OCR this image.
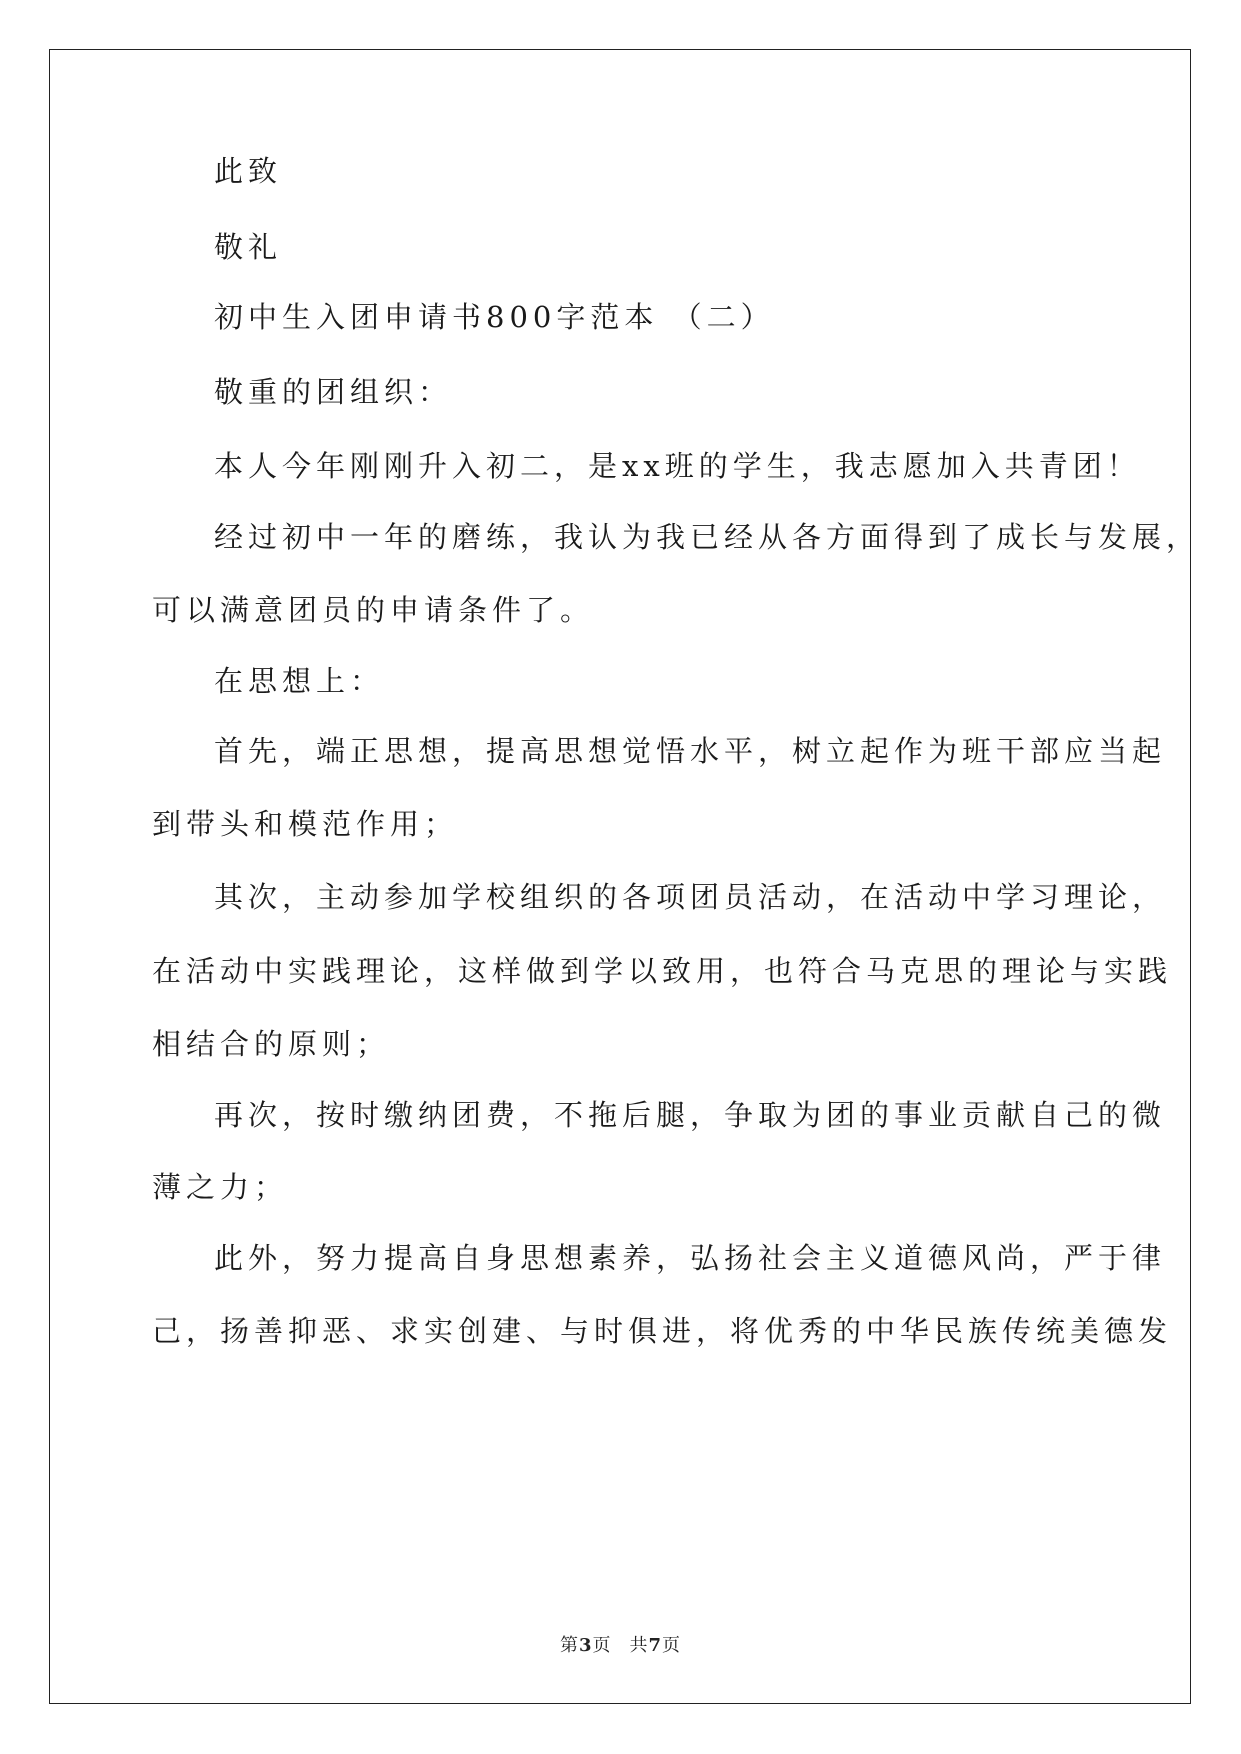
此致
敬礼
初中生入团申请书800字范本 （二）
敬重的团组织：
本人今年刚刚升入初二，是xx班的学生，我志愿加入共青团！
经过初中一年的磨练，我认为我已经从各方面得到了成长与发展，
可以满意团员的申请条件了。
在思想上：
首先，端正思想，提高思想觉悟水平，树立起作为班干部应当起
到带头和模范作用；
其次，主动参加学校组织的各项团员活动，在活动中学习理论，
在活动中实践理论，这样做到学以致用，也符合马克思的理论与实践
相结合的原则；
再次，按时缴纳团费，不拖后腿，争取为团的事业贡献自己的微
薄之力；
此外，努力提高自身思想素养，弘扬社会主义道德风尚，严于律
己，扬善抑恶、求实创建、与时俱进，将优秀的中华民族传统美德发
第3页 共7页
